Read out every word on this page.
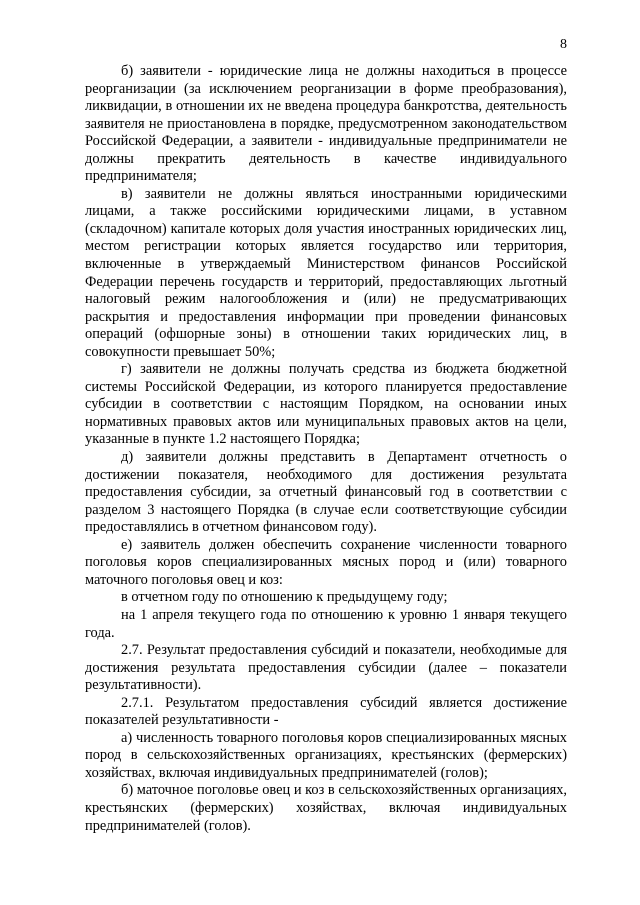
8

б) заявители - юридические лица не должны находиться в процессе реорганизации (за исключением реорганизации в форме преобразования), ликвидации, в отношении их не введена процедура банкротства, деятельность заявителя не приостановлена в порядке, предусмотренном законодательством Российской Федерации, а заявители - индивидуальные предприниматели не должны прекратить деятельность в качестве индивидуального предпринимателя;

в) заявители не должны являться иностранными юридическими лицами, а также российскими юридическими лицами, в уставном (складочном) капитале которых доля участия иностранных юридических лиц, местом регистрации которых является государство или территория, включенные в утверждаемый Министерством финансов Российской Федерации перечень государств и территорий, предоставляющих льготный налоговый режим налогообложения и (или) не предусматривающих раскрытия и предоставления информации при проведении финансовых операций (офшорные зоны) в отношении таких юридических лиц, в совокупности превышает 50%;

г) заявители не должны получать средства из бюджета бюджетной системы Российской Федерации, из которого планируется предоставление субсидии в соответствии с настоящим Порядком, на основании иных нормативных правовых актов или муниципальных правовых актов на цели, указанные в пункте 1.2 настоящего Порядка;

д) заявители должны представить в Департамент отчетность о достижении показателя, необходимого для достижения результата предоставления субсидии, за отчетный финансовый год в соответствии с разделом 3 настоящего Порядка (в случае если соответствующие субсидии предоставлялись в отчетном финансовом году).

е) заявитель должен обеспечить сохранение численности товарного поголовья коров специализированных мясных пород и (или) товарного маточного поголовья овец и коз:

в отчетном году по отношению к предыдущему году;

на 1 апреля текущего года по отношению к уровню 1 января текущего года.

2.7. Результат предоставления субсидий и показатели, необходимые для достижения результата предоставления субсидии (далее – показатели результативности).

2.7.1. Результатом предоставления субсидий является достижение показателей результативности -

а) численность товарного поголовья коров специализированных мясных пород в сельскохозяйственных организациях, крестьянских (фермерских) хозяйствах, включая индивидуальных предпринимателей (голов);

б) маточное поголовье овец и коз в сельскохозяйственных организациях, крестьянских (фермерских) хозяйствах, включая индивидуальных предпринимателей (голов).
